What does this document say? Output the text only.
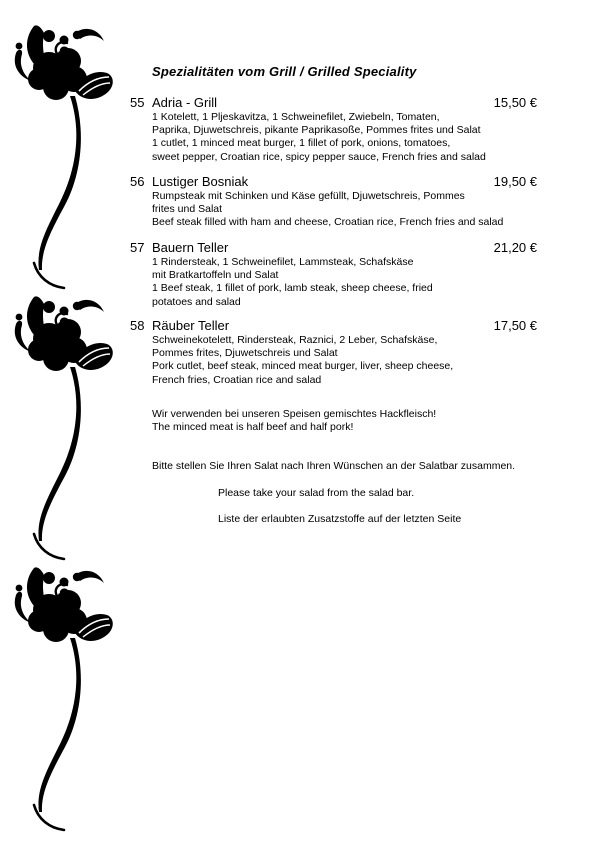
Spezialitäten vom Grill / Grilled Speciality
55 Adria - Grill	15,50 €
1 Kotelett, 1 Pljeskavitza, 1 Schweinefilet, Zwiebeln, Tomaten,
Paprika, Djuwetschreis, pikante Paprikasoße, Pommes frites und Salat
1 cutlet, 1 minced meat burger, 1 fillet of pork, onions, tomatoes,
sweet pepper, Croatian rice, spicy pepper sauce, French fries and salad
56 Lustiger Bosniak	19,50 €
Rumpsteak mit Schinken und Käse gefüllt, Djuwetschreis, Pommes
frites und Salat
Beef steak filled with ham and cheese, Croatian rice, French fries and salad
57 Bauern Teller	21,20 €
1 Rindersteak, 1 Schweinefilet, Lammsteak, Schafskäse
mit Bratkartoffeln und Salat
1 Beef steak, 1 fillet of pork, lamb steak, sheep cheese, fried
potatoes and salad
58 Räuber Teller	17,50 €
Schweinekotelett, Rindersteak, Raznici, 2 Leber, Schafskäse,
Pommes frites, Djuwetschreis und Salat
Pork cutlet, beef steak, minced meat burger, liver, sheep cheese,
French fries, Croatian rice and salad
Wir verwenden bei unseren Speisen gemischtes Hackfleisch!
The minced meat is half beef and half pork!
Bitte stellen Sie Ihren Salat nach Ihren Wünschen an der Salatbar zusammen.
Please take your salad from the salad bar.
Liste der erlaubten Zusatzstoffe auf der letzten Seite
